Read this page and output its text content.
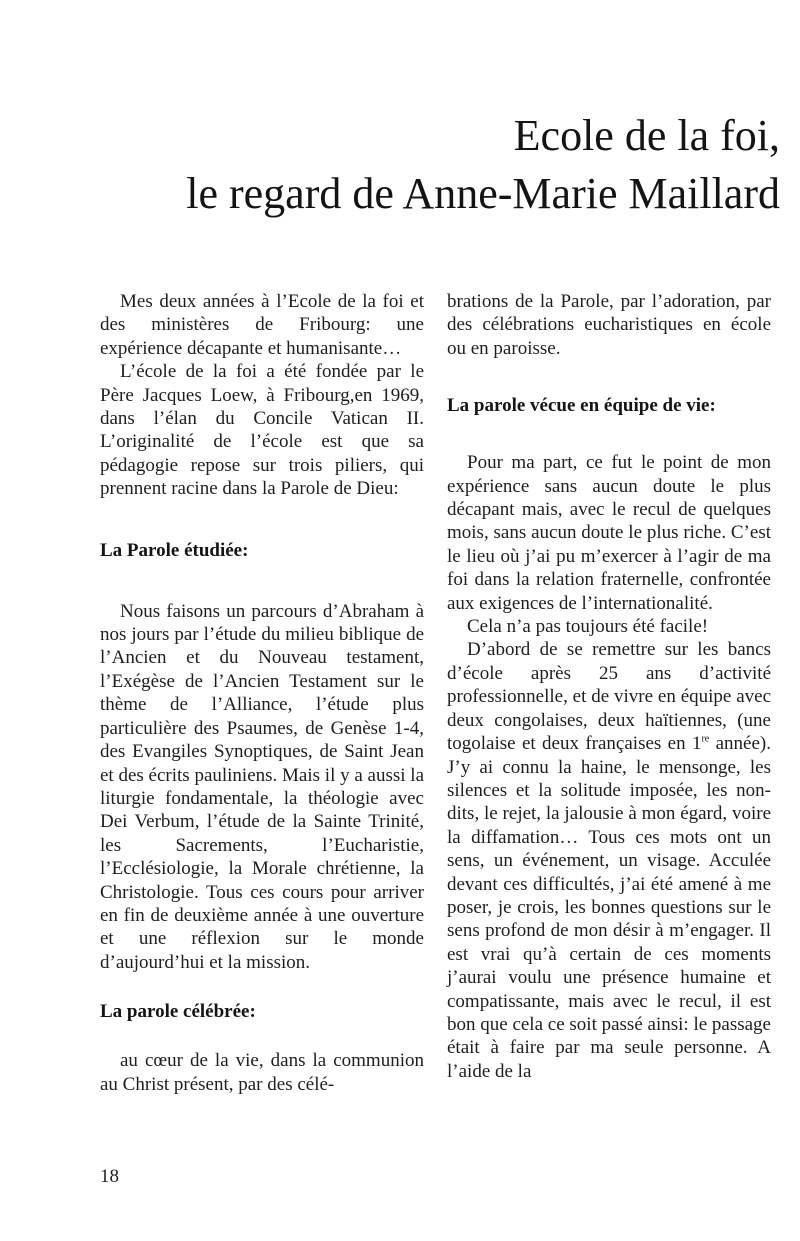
Ecole de la foi,
le regard de Anne-Marie Maillard

Mes deux années à l’Ecole de la foi et des ministères de Fribourg: une expérience décapante et humanisante…

L’école de la foi a été fondée par le Père Jacques Loew, à Fribourg,en 1969, dans l’élan du Concile Vatican II. L’originalité de l’école est que sa pédagogie repose sur trois piliers, qui prennent racine dans la Parole de Dieu:

La Parole étudiée:

Nous faisons un parcours d’Abraham à nos jours par l’étude du milieu biblique de l’Ancien et du Nouveau testament, l’Exégèse de l’Ancien Testament sur le thème de l’Alliance, l’étude plus particulière des Psaumes, de Genèse 1-4, des Evangiles Synoptiques, de Saint Jean et des écrits pauliniens. Mais il y a aussi la liturgie fondamentale, la théologie avec Dei Verbum, l’étude de la Sainte Trinité, les Sacrements, l’Eucharistie, l’Ecclésiologie, la Morale chrétienne, la Christologie. Tous ces cours pour arriver en fin de deuxième année à une ouverture et une réflexion sur le monde d’aujourd’hui et la mission.

La parole célébrée:

au cœur de la vie, dans la communion au Christ présent, par des célé-

brations de la Parole, par l’adoration, par des célébrations eucharistiques en école ou en paroisse.

La parole vécue en équipe de vie:

Pour ma part, ce fut le point de mon expérience sans aucun doute le plus décapant mais, avec le recul de quelques mois, sans aucun doute le plus riche. C’est le lieu où j’ai pu m’exercer à l’agir de ma foi dans la relation fraternelle, confrontée aux exigences de l’internationalité.

Cela n’a pas toujours été facile!

D’abord de se remettre sur les bancs d’école après 25 ans d’activité professionnelle, et de vivre en équipe avec deux congolaises, deux haïtiennes, (une togolaise et deux françaises en 1re année). J’y ai connu la haine, le mensonge, les silences et la solitude imposée, les non-dits, le rejet, la jalousie à mon égard, voire la diffamation… Tous ces mots ont un sens, un événement, un visage. Acculée devant ces difficultés, j’ai été amené à me poser, je crois, les bonnes questions sur le sens profond de mon désir à m’engager. Il est vrai qu’à certain de ces moments j’aurai voulu une présence humaine et compatissante, mais avec le recul, il est bon que cela ce soit passé ainsi: le passage était à faire par ma seule personne. A l’aide de la

18
